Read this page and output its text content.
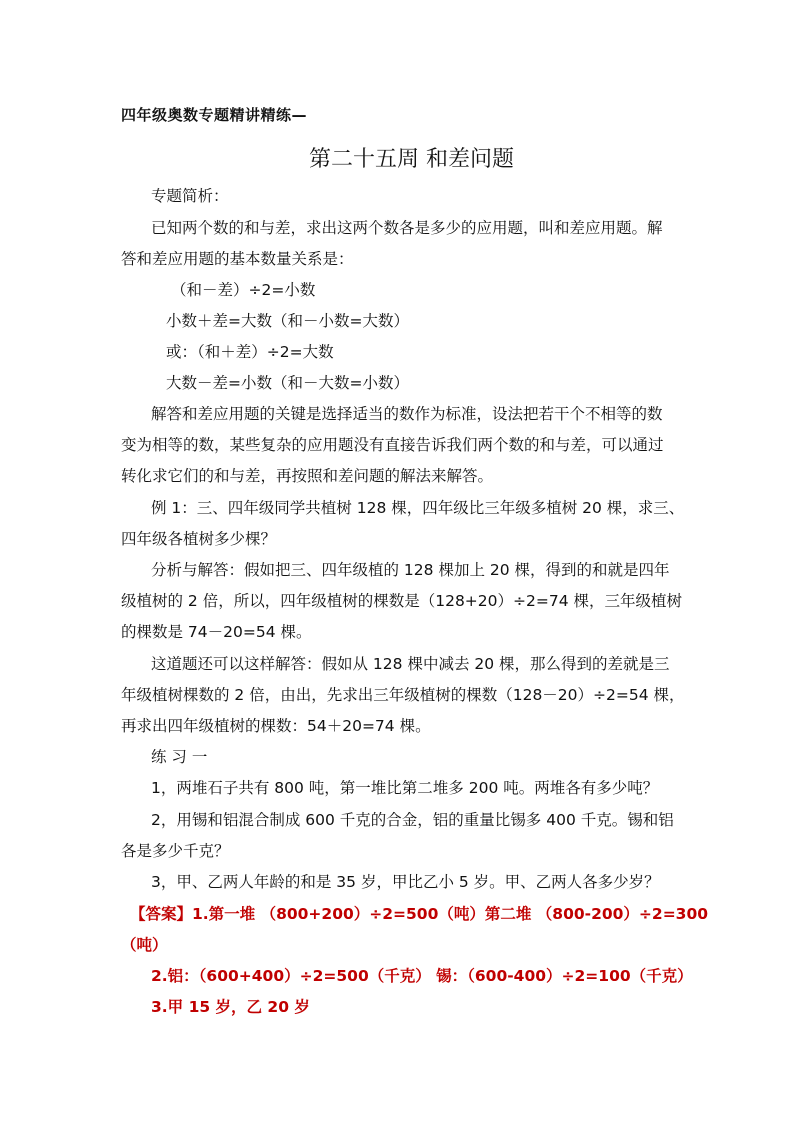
四年级奥数专题精讲精练—
第二十五周 和差问题
专题简析：
已知两个数的和与差，求出这两个数各是多少的应用题，叫和差应用题。解
答和差应用题的基本数量关系是：
（和－差）÷2=小数
小数＋差=大数（和－小数=大数）
或：（和＋差）÷2=大数
大数－差=小数（和－大数=小数）
解答和差应用题的关键是选择适当的数作为标准，设法把若干个不相等的数
变为相等的数，某些复杂的应用题没有直接告诉我们两个数的和与差，可以通过
转化求它们的和与差，再按照和差问题的解法来解答。
例 1：三、四年级同学共植树 128 棵，四年级比三年级多植树 20 棵，求三、
四年级各植树多少棵？
分析与解答：假如把三、四年级植的 128 棵加上 20 棵，得到的和就是四年
级植树的 2 倍，所以，四年级植树的棵数是（128+20）÷2=74 棵，三年级植树
的棵数是 74－20=54 棵。
这道题还可以这样解答：假如从 128 棵中减去 20 棵，那么得到的差就是三
年级植树棵数的 2 倍，由出，先求出三年级植树的棵数（128－20）÷2=54 棵，
再求出四年级植树的棵数：54＋20=74 棵。
练 习 一
1，两堆石子共有 800 吨，第一堆比第二堆多 200 吨。两堆各有多少吨？
2，用锡和铝混合制成 600 千克的合金，铝的重量比锡多 400 千克。锡和铝
各是多少千克？
3，甲、乙两人年龄的和是 35 岁，甲比乙小 5 岁。甲、乙两人各多少岁？
【答案】1.第一堆 （800+200）÷2=500（吨）第二堆 （800-200）÷2=300
（吨）
2.铝：（600+400）÷2=500（千克） 锡：（600-400）÷2=100（千克）
3.甲 15 岁，乙 20 岁
